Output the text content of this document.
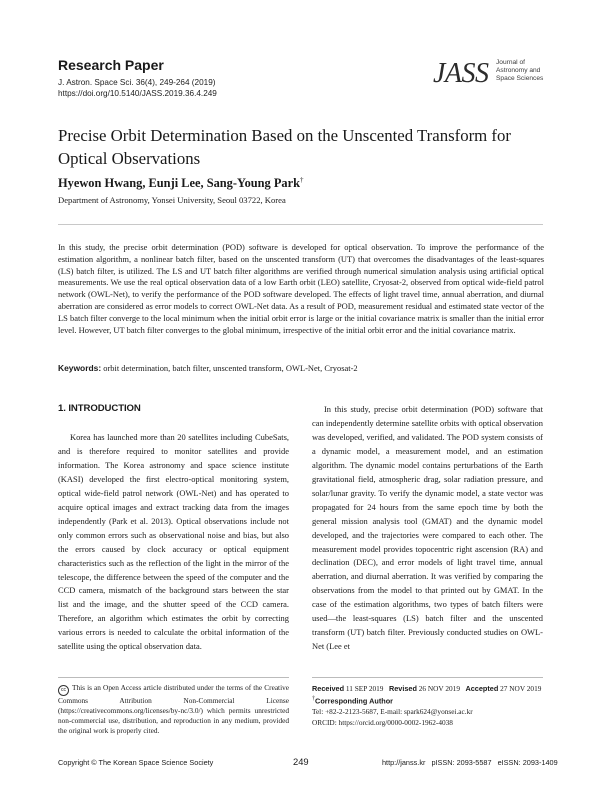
Research Paper
J. Astron. Space Sci. 36(4), 249-264 (2019)
https://doi.org/10.5140/JASS.2019.36.4.249
JASS Journal of
Astronomy and
Space Sciences
Precise Orbit Determination Based on the Unscented Transform for Optical Observations
Hyewon Hwang, Eunji Lee, Sang-Young Park†
Department of Astronomy, Yonsei University, Seoul 03722, Korea
In this study, the precise orbit determination (POD) software is developed for optical observation. To improve the performance of the estimation algorithm, a nonlinear batch filter, based on the unscented transform (UT) that overcomes the disadvantages of the least-squares (LS) batch filter, is utilized. The LS and UT batch filter algorithms are verified through numerical simulation analysis using artificial optical measurements. We use the real optical observation data of a low Earth orbit (LEO) satellite, Cryosat-2, observed from optical wide-field patrol network (OWL-Net), to verify the performance of the POD software developed. The effects of light travel time, annual aberration, and diurnal aberration are considered as error models to correct OWL-Net data. As a result of POD, measurement residual and estimated state vector of the LS batch filter converge to the local minimum when the initial orbit error is large or the initial covariance matrix is smaller than the initial error level. However, UT batch filter converges to the global minimum, irrespective of the initial orbit error and the initial covariance matrix.
Keywords: orbit determination, batch filter, unscented transform, OWL-Net, Cryosat-2
1. INTRODUCTION
Korea has launched more than 20 satellites including CubeSats, and is therefore required to monitor satellites and provide information. The Korea astronomy and space science institute (KASI) developed the first electro-optical monitoring system, optical wide-field patrol network (OWL-Net) and has operated to acquire optical images and extract tracking data from the images independently (Park et al. 2013). Optical observations include not only common errors such as observational noise and bias, but also the errors caused by clock accuracy or optical equipment characteristics such as the reflection of the light in the mirror of the telescope, the difference between the speed of the computer and the CCD camera, mismatch of the background stars between the star list and the image, and the shutter speed of the CCD camera. Therefore, an algorithm which estimates the orbit by correcting various errors is needed to calculate the orbital information of the satellite using the optical observation data.
In this study, precise orbit determination (POD) software that can independently determine satellite orbits with optical observation was developed, verified, and validated. The POD system consists of a dynamic model, a measurement model, and an estimation algorithm. The dynamic model contains perturbations of the Earth gravitational field, atmospheric drag, solar radiation pressure, and solar/lunar gravity. To verify the dynamic model, a state vector was propagated for 24 hours from the same epoch time by both the general mission analysis tool (GMAT) and the dynamic model developed, and the trajectories were compared to each other. The measurement model provides topocentric right ascension (RA) and declination (DEC), and error models of light travel time, annual aberration, and diurnal aberration. It was verified by comparing the observations from the model to that printed out by GMAT. In the case of the estimation algorithms, two types of batch filters were used—the least-squares (LS) batch filter and the unscented transform (UT) batch filter. Previously conducted studies on OWL-Net (Lee et
cc This is an Open Access article distributed under the terms of the Creative Commons Attribution Non-Commercial License (https://creativecommons.org/licenses/by-nc/3.0/) which permits unrestricted non-commercial use, distribution, and reproduction in any medium, provided the original work is properly cited.
Received 11 SEP 2019 Revised 26 NOV 2019 Accepted 27 NOV 2019
†Corresponding Author
Tel: +82-2-2123-5687, E-mail: spark624@yonsei.ac.kr
ORCID: https://orcid.org/0000-0002-1962-4038
Copyright © The Korean Space Science Society	249	http://janss.kr   pISSN: 2093-5587   eISSN: 2093-1409
